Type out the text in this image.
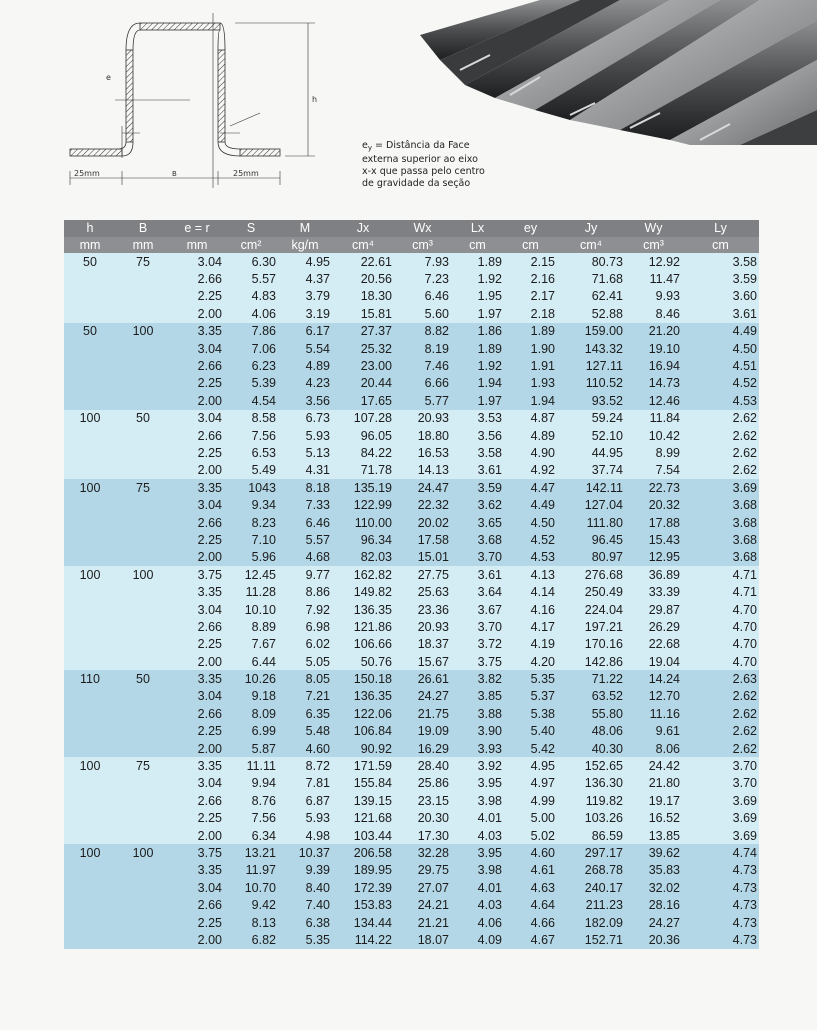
e
h
25mm	B	25mm
$e_y$ = Distância da Face
externa superior ao eixo
x-x que passa pelo centro
de gravidade da seção
h	B	e = r	S	M	Jx	Wx	Lx	ey	Jy	Wy	Ly
mm	mm	mm	cm²	kg/m	cm⁴	cm³	cm	cm	cm⁴	cm³	cm
50	75	3.04	6.30	4.95	22.61	7.93	1.89	2.15	80.73	12.92	3.58
		2.66	5.57	4.37	20.56	7.23	1.92	2.16	71.68	11.47	3.59
		2.25	4.83	3.79	18.30	6.46	1.95	2.17	62.41	9.93	3.60
		2.00	4.06	3.19	15.81	5.60	1.97	2.18	52.88	8.46	3.61
50	100	3.35	7.86	6.17	27.37	8.82	1.86	1.89	159.00	21.20	4.49
		3.04	7.06	5.54	25.32	8.19	1.89	1.90	143.32	19.10	4.50
		2.66	6.23	4.89	23.00	7.46	1.92	1.91	127.11	16.94	4.51
		2.25	5.39	4.23	20.44	6.66	1.94	1.93	110.52	14.73	4.52
		2.00	4.54	3.56	17.65	5.77	1.97	1.94	93.52	12.46	4.53
100	50	3.04	8.58	6.73	107.28	20.93	3.53	4.87	59.24	11.84	2.62
		2.66	7.56	5.93	96.05	18.80	3.56	4.89	52.10	10.42	2.62
		2.25	6.53	5.13	84.22	16.53	3.58	4.90	44.95	8.99	2.62
		2.00	5.49	4.31	71.78	14.13	3.61	4.92	37.74	7.54	2.62
100	75	3.35	1043	8.18	135.19	24.47	3.59	4.47	142.11	22.73	3.69
		3.04	9.34	7.33	122.99	22.32	3.62	4.49	127.04	20.32	3.68
		2.66	8.23	6.46	110.00	20.02	3.65	4.50	111.80	17.88	3.68
		2.25	7.10	5.57	96.34	17.58	3.68	4.52	96.45	15.43	3.68
		2.00	5.96	4.68	82.03	15.01	3.70	4.53	80.97	12.95	3.68
100	100	3.75	12.45	9.77	162.82	27.75	3.61	4.13	276.68	36.89	4.71
		3.35	11.28	8.86	149.82	25.63	3.64	4.14	250.49	33.39	4.71
		3.04	10.10	7.92	136.35	23.36	3.67	4.16	224.04	29.87	4.70
		2.66	8.89	6.98	121.86	20.93	3.70	4.17	197.21	26.29	4.70
		2.25	7.67	6.02	106.66	18.37	3.72	4.19	170.16	22.68	4.70
		2.00	6.44	5.05	50.76	15.67	3.75	4.20	142.86	19.04	4.70
110	50	3.35	10.26	8.05	150.18	26.61	3.82	5.35	71.22	14.24	2.63
		3.04	9.18	7.21	136.35	24.27	3.85	5.37	63.52	12.70	2.62
		2.66	8.09	6.35	122.06	21.75	3.88	5.38	55.80	11.16	2.62
		2.25	6.99	5.48	106.84	19.09	3.90	5.40	48.06	9.61	2.62
		2.00	5.87	4.60	90.92	16.29	3.93	5.42	40.30	8.06	2.62
100	75	3.35	11.11	8.72	171.59	28.40	3.92	4.95	152.65	24.42	3.70
		3.04	9.94	7.81	155.84	25.86	3.95	4.97	136.30	21.80	3.70
		2.66	8.76	6.87	139.15	23.15	3.98	4.99	119.82	19.17	3.69
		2.25	7.56	5.93	121.68	20.30	4.01	5.00	103.26	16.52	3.69
		2.00	6.34	4.98	103.44	17.30	4.03	5.02	86.59	13.85	3.69
100	100	3.75	13.21	10.37	206.58	32.28	3.95	4.60	297.17	39.62	4.74
		3.35	11.97	9.39	189.95	29.75	3.98	4.61	268.78	35.83	4.73
		3.04	10.70	8.40	172.39	27.07	4.01	4.63	240.17	32.02	4.73
		2.66	9.42	7.40	153.83	24.21	4.03	4.64	211.23	28.16	4.73
		2.25	8.13	6.38	134.44	21.21	4.06	4.66	182.09	24.27	4.73
		2.00	6.82	5.35	114.22	18.07	4.09	4.67	152.71	20.36	4.73
